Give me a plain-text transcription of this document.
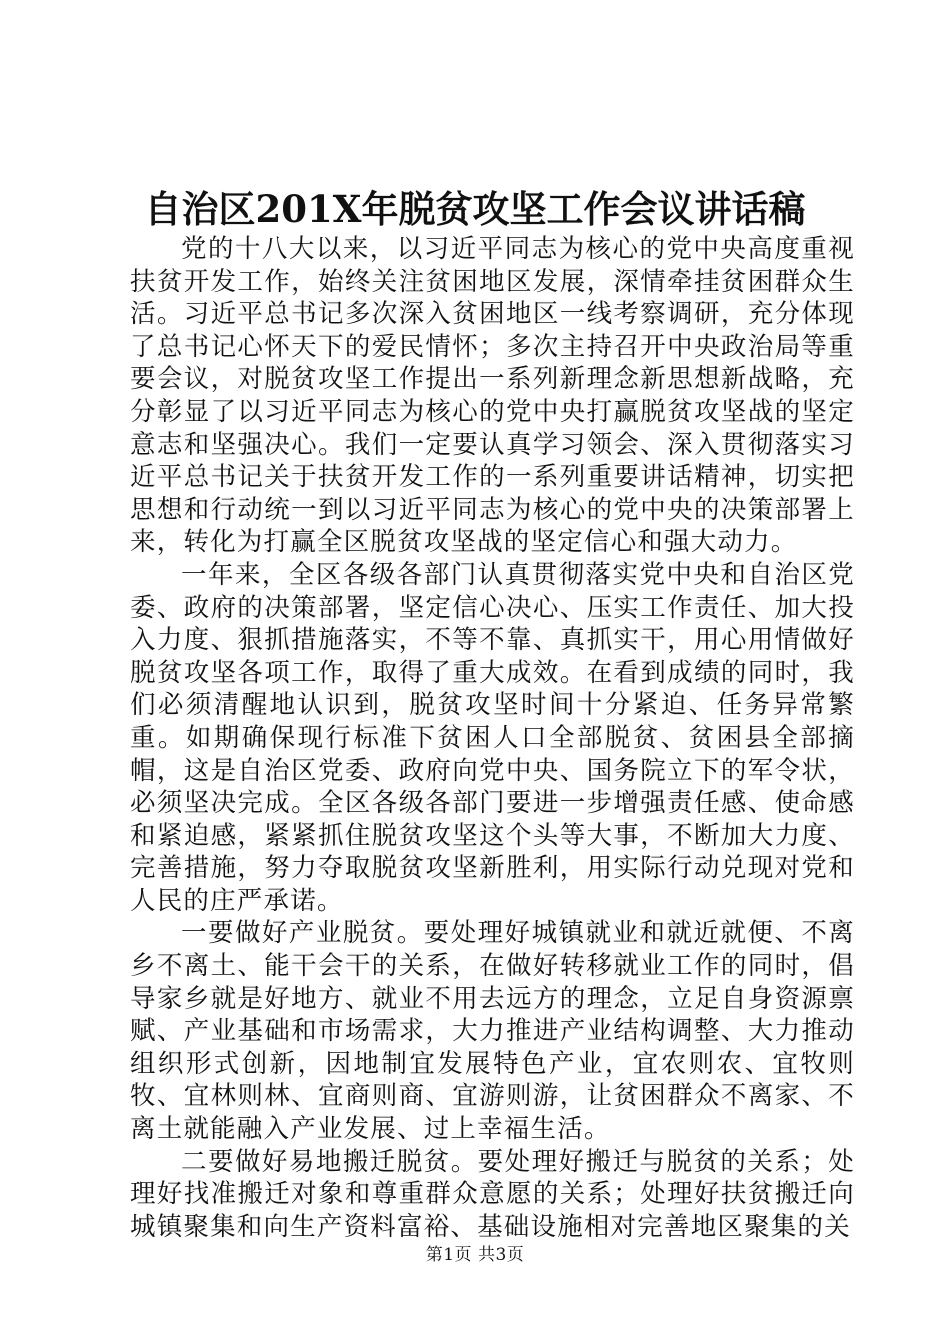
自治区201X年脱贫攻坚工作会议讲话稿

党的十八大以来，以习近平同志为核心的党中央高度重视扶贫开发工作，始终关注贫困地区发展，深情牵挂贫困群众生活。习近平总书记多次深入贫困地区一线考察调研，充分体现了总书记心怀天下的爱民情怀；多次主持召开中央政治局等重要会议，对脱贫攻坚工作提出一系列新理念新思想新战略，充分彰显了以习近平同志为核心的党中央打赢脱贫攻坚战的坚定意志和坚强决心。我们一定要认真学习领会、深入贯彻落实习近平总书记关于扶贫开发工作的一系列重要讲话精神，切实把思想和行动统一到以习近平同志为核心的党中央的决策部署上来，转化为打赢全区脱贫攻坚战的坚定信心和强大动力。

一年来，全区各级各部门认真贯彻落实党中央和自治区党委、政府的决策部署，坚定信心决心、压实工作责任、加大投入力度、狠抓措施落实，不等不靠、真抓实干，用心用情做好脱贫攻坚各项工作，取得了重大成效。在看到成绩的同时，我们必须清醒地认识到，脱贫攻坚时间十分紧迫、任务异常繁重。如期确保现行标准下贫困人口全部脱贫、贫困县全部摘帽，这是自治区党委、政府向党中央、国务院立下的军令状，必须坚决完成。全区各级各部门要进一步增强责任感、使命感和紧迫感，紧紧抓住脱贫攻坚这个头等大事，不断加大力度、完善措施，努力夺取脱贫攻坚新胜利，用实际行动兑现对党和人民的庄严承诺。

一要做好产业脱贫。要处理好城镇就业和就近就便、不离乡不离土、能干会干的关系，在做好转移就业工作的同时，倡导家乡就是好地方、就业不用去远方的理念，立足自身资源禀赋、产业基础和市场需求，大力推进产业结构调整、大力推动组织形式创新，因地制宜发展特色产业，宜农则农、宜牧则牧、宜林则林、宜商则商、宜游则游，让贫困群众不离家、不离土就能融入产业发展、过上幸福生活。

二要做好易地搬迁脱贫。要处理好搬迁与脱贫的关系；处理好找准搬迁对象和尊重群众意愿的关系；处理好扶贫搬迁向城镇聚集和向生产资料富裕、基础设施相对完善地区聚集的关

第1页 共3页
